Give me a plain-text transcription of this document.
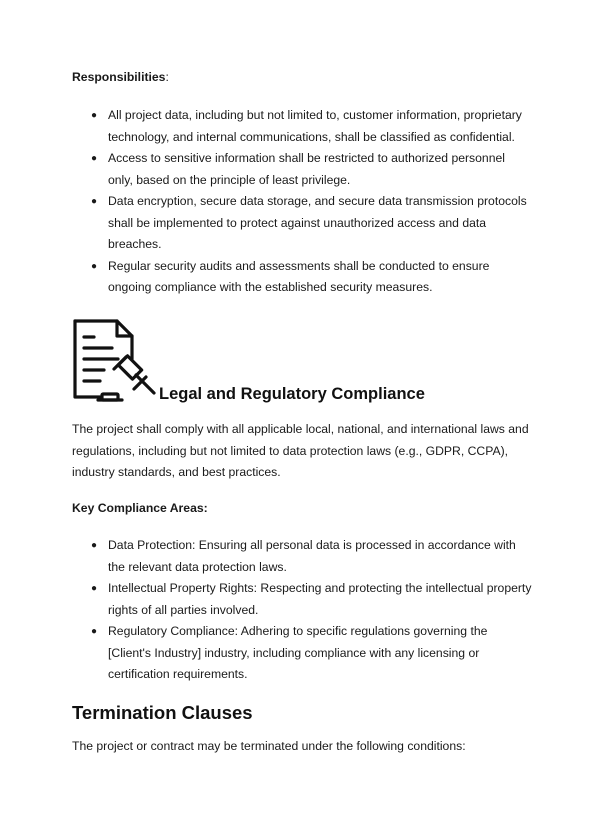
Responsibilities:
● All project data, including but not limited to, customer information, proprietary technology, and internal communications, shall be classified as confidential.
● Access to sensitive information shall be restricted to authorized personnel only, based on the principle of least privilege.
● Data encryption, secure data storage, and secure data transmission protocols shall be implemented to protect against unauthorized access and data breaches.
● Regular security audits and assessments shall be conducted to ensure ongoing compliance with the established security measures.
Legal and Regulatory Compliance
The project shall comply with all applicable local, national, and international laws and regulations, including but not limited to data protection laws (e.g., GDPR, CCPA), industry standards, and best practices.
Key Compliance Areas:
● Data Protection: Ensuring all personal data is processed in accordance with the relevant data protection laws.
● Intellectual Property Rights: Respecting and protecting the intellectual property rights of all parties involved.
● Regulatory Compliance: Adhering to specific regulations governing the [Client's Industry] industry, including compliance with any licensing or certification requirements.
Termination Clauses
The project or contract may be terminated under the following conditions:
